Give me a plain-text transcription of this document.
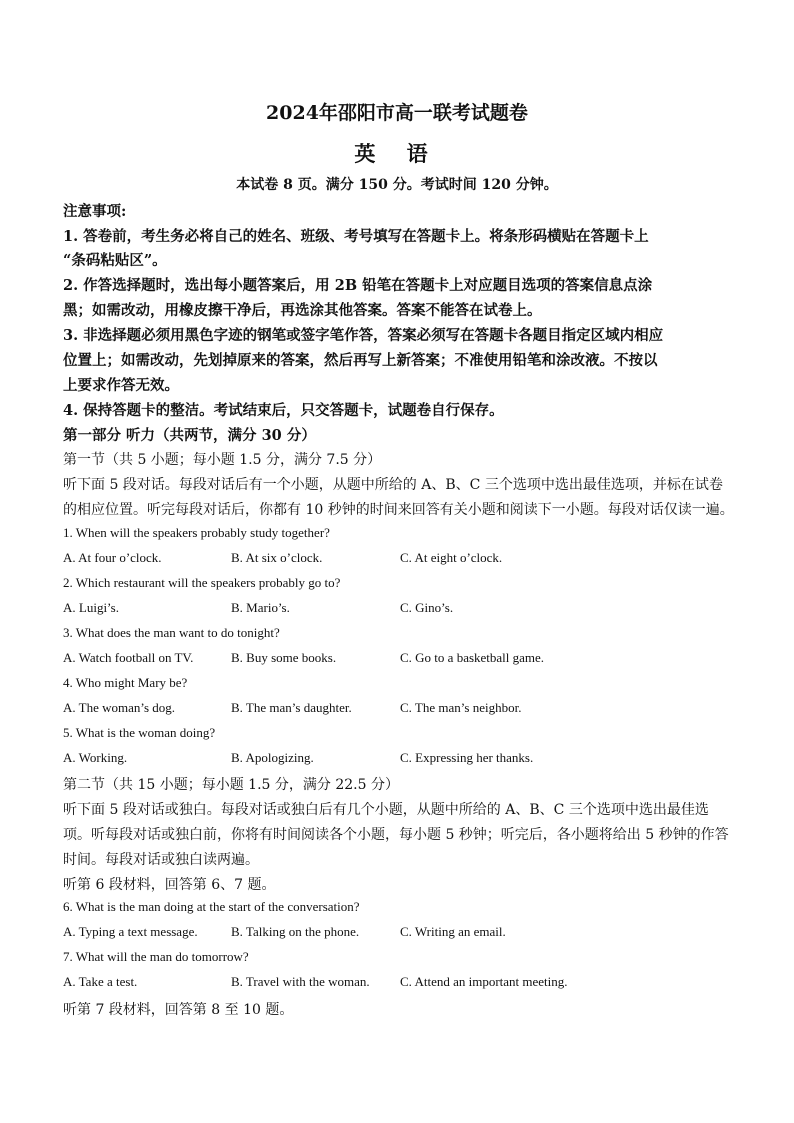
2024年邵阳市高一联考试题卷
英 语
本试卷 8 页。满分 150 分。考试时间 120 分钟。
注意事项:
1. 答卷前，考生务必将自己的姓名、班级、考号填写在答题卡上。将条形码横贴在答题卡上
“条码粘贴区”。
2. 作答选择题时，选出每小题答案后，用 2B 铅笔在答题卡上对应题目选项的答案信息点涂
黑；如需改动，用橡皮擦干净后，再选涂其他答案。答案不能答在试卷上。
3. 非选择题必须用黑色字迹的钢笔或签字笔作答，答案必须写在答题卡各题目指定区域内相应
位置上；如需改动，先划掉原来的答案，然后再写上新答案；不准使用铅笔和涂改液。不按以
上要求作答无效。
4. 保持答题卡的整洁。考试结束后，只交答题卡，试题卷自行保存。
第一部分 听力（共两节，满分 30 分）
第一节（共 5 小题；每小题 1.5 分，满分 7.5 分）
听下面 5 段对话。每段对话后有一个小题，从题中所给的 A、B、C 三个选项中选出最佳选项，并标在试卷
的相应位置。听完每段对话后，你都有 10 秒钟的时间来回答有关小题和阅读下一小题。每段对话仅读一遍。
1. When will the speakers probably study together?
A. At four o’clock.	B. At six o’clock.	C. At eight o’clock.
2. Which restaurant will the speakers probably go to?
A. Luigi’s.	B. Mario’s.	C. Gino’s.
3. What does the man want to do tonight?
A. Watch football on TV.	B. Buy some books.	C. Go to a basketball game.
4. Who might Mary be?
A. The woman’s dog.	B. The man’s daughter.	C. The man’s neighbor.
5. What is the woman doing?
A. Working.	B. Apologizing.	C. Expressing her thanks.
第二节（共 15 小题；每小题 1.5 分，满分 22.5 分）
听下面 5 段对话或独白。每段对话或独白后有几个小题，从题中所给的 A、B、C 三个选项中选出最佳选
项。听每段对话或独白前，你将有时间阅读各个小题，每小题 5 秒钟；听完后，各小题将给出 5 秒钟的作答
时间。每段对话或独白读两遍。
听第 6 段材料，回答第 6、7 题。
6. What is the man doing at the start of the conversation?
A. Typing a text message.	B. Talking on the phone.	C. Writing an email.
7. What will the man do tomorrow?
A. Take a test.	B. Travel with the woman. C. Attend an important meeting.
听第 7 段材料，回答第 8 至 10 题。
